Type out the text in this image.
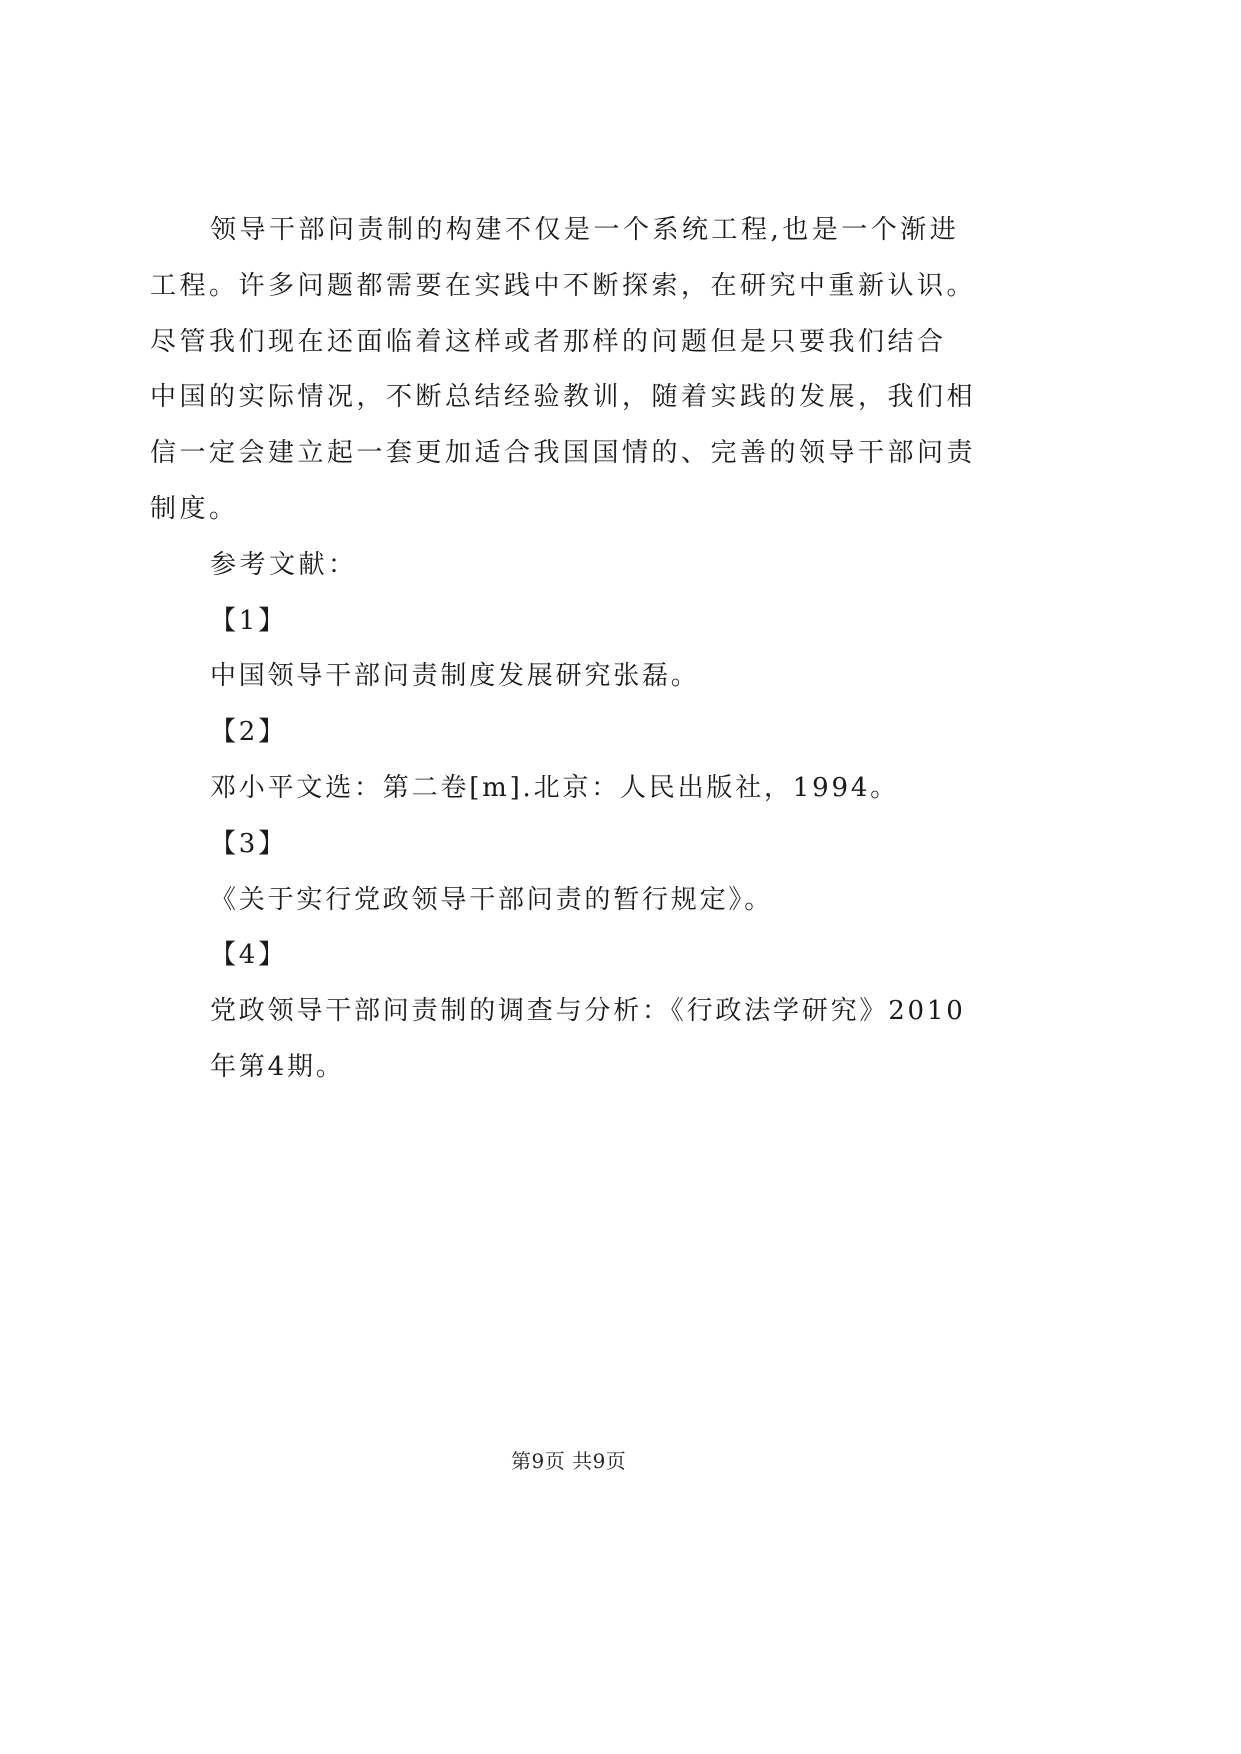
领导干部问责制的构建不仅是一个系统工程,也是一个渐进
工程。许多问题都需要在实践中不断探索，在研究中重新认识。
尽管我们现在还面临着这样或者那样的问题但是只要我们结合
中国的实际情况，不断总结经验教训，随着实践的发展，我们相
信一定会建立起一套更加适合我国国情的、完善的领导干部问责
制度。
参考文献：
【1】
中国领导干部问责制度发展研究张磊。
【2】
邓小平文选：第二卷[m].北京：人民出版社，1994。
【3】
《关于实行党政领导干部问责的暂行规定》。
【4】
党政领导干部问责制的调查与分析：《行政法学研究》2010
年第4期。
第9页 共9页
